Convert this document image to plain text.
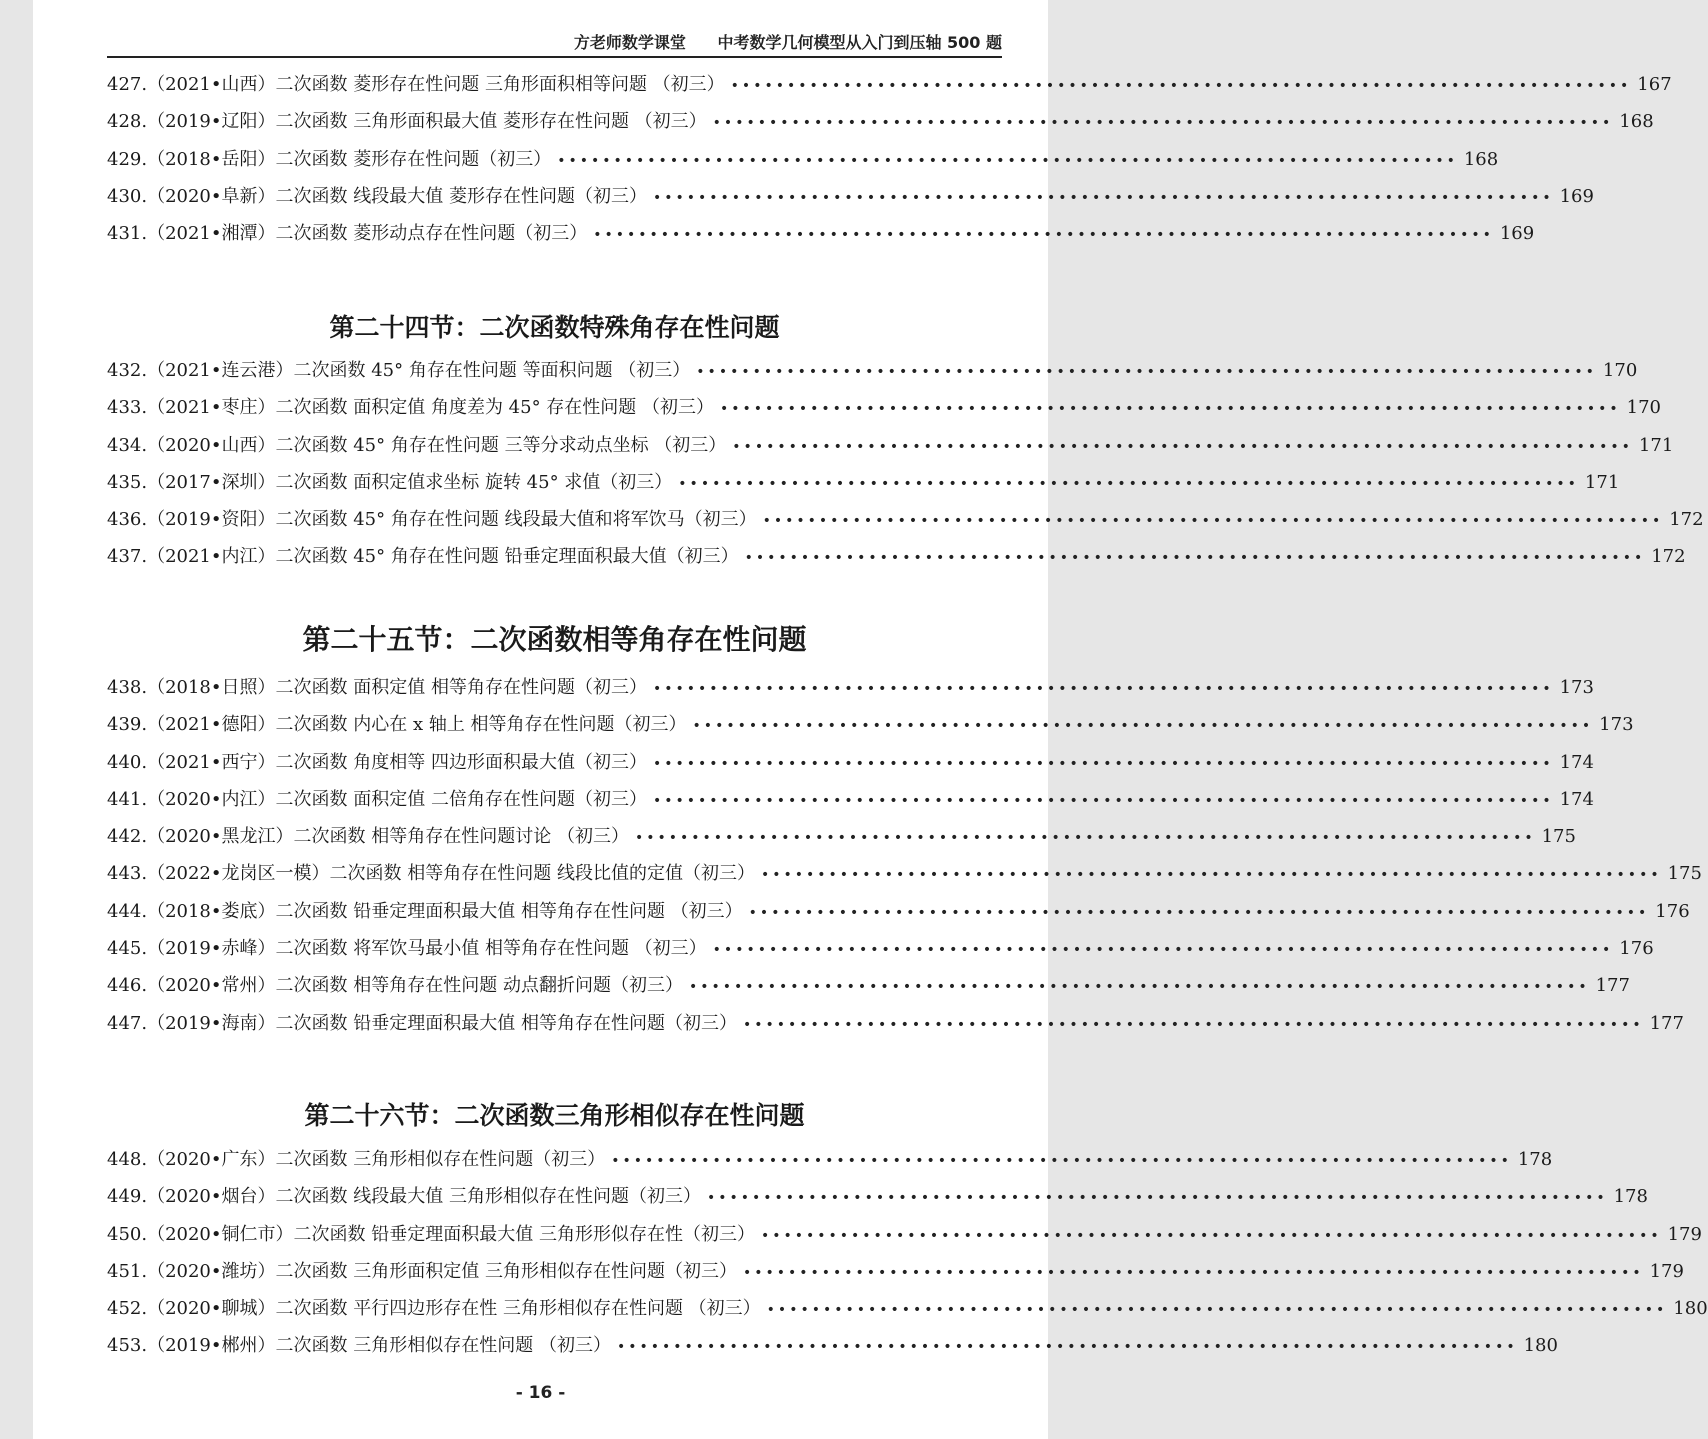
方老师数学课堂 中考数学几何模型从入门到压轴 500 题
427.（2021•山西）二次函数 菱形存在性问题 三角形面积相等问题 （初三） •••••••••••••••••••••••••••••••••••••••••••••••••••••••••••••••••••••••••••••••• 167
428.（2019•辽阳）二次函数 三角形面积最大值 菱形存在性问题 （初三） •••••••••••••••••••••••••••••••••••••••••••••••••••••••••••••••••••••••••••••••• 168
429.（2018•岳阳）二次函数 菱形存在性问题（初三） •••••••••••••••••••••••••••••••••••••••••••••••••••••••••••••••••••••••••••••••• 168
430.（2020•阜新）二次函数 线段最大值 菱形存在性问题（初三） •••••••••••••••••••••••••••••••••••••••••••••••••••••••••••••••••••••••••••••••• 169
431.（2021•湘潭）二次函数 菱形动点存在性问题（初三） •••••••••••••••••••••••••••••••••••••••••••••••••••••••••••••••••••••••••••••••• 169
第二十四节：二次函数特殊角存在性问题
432.（2021•连云港）二次函数 45° 角存在性问题 等面积问题 （初三） •••••••••••••••••••••••••••••••••••••••••••••••••••••••••••••••••••••••••••••••• 170
433.（2021•枣庄）二次函数 面积定值 角度差为 45° 存在性问题 （初三） •••••••••••••••••••••••••••••••••••••••••••••••••••••••••••••••••••••••••••••••• 170
434.（2020•山西）二次函数 45° 角存在性问题 三等分求动点坐标 （初三） •••••••••••••••••••••••••••••••••••••••••••••••••••••••••••••••••••••••••••••••• 171
435.（2017•深圳）二次函数 面积定值求坐标 旋转 45° 求值（初三） •••••••••••••••••••••••••••••••••••••••••••••••••••••••••••••••••••••••••••••••• 171
436.（2019•资阳）二次函数 45° 角存在性问题 线段最大值和将军饮马（初三） •••••••••••••••••••••••••••••••••••••••••••••••••••••••••••••••••••••••••••••••• 172
437.（2021•内江）二次函数 45° 角存在性问题 铅垂定理面积最大值（初三） •••••••••••••••••••••••••••••••••••••••••••••••••••••••••••••••••••••••••••••••• 172
第二十五节：二次函数相等角存在性问题
438.（2018•日照）二次函数 面积定值 相等角存在性问题（初三） •••••••••••••••••••••••••••••••••••••••••••••••••••••••••••••••••••••••••••••••• 173
439.（2021•德阳）二次函数 内心在 x 轴上 相等角存在性问题（初三） •••••••••••••••••••••••••••••••••••••••••••••••••••••••••••••••••••••••••••••••• 173
440.（2021•西宁）二次函数 角度相等 四边形面积最大值（初三） •••••••••••••••••••••••••••••••••••••••••••••••••••••••••••••••••••••••••••••••• 174
441.（2020•内江）二次函数 面积定值 二倍角存在性问题（初三） •••••••••••••••••••••••••••••••••••••••••••••••••••••••••••••••••••••••••••••••• 174
442.（2020•黑龙江）二次函数 相等角存在性问题讨论 （初三） •••••••••••••••••••••••••••••••••••••••••••••••••••••••••••••••••••••••••••••••• 175
443.（2022•龙岗区一模）二次函数 相等角存在性问题 线段比值的定值（初三） •••••••••••••••••••••••••••••••••••••••••••••••••••••••••••••••••••••••••••••••• 175
444.（2018•娄底）二次函数 铅垂定理面积最大值 相等角存在性问题 （初三） •••••••••••••••••••••••••••••••••••••••••••••••••••••••••••••••••••••••••••••••• 176
445.（2019•赤峰）二次函数 将军饮马最小值 相等角存在性问题 （初三） •••••••••••••••••••••••••••••••••••••••••••••••••••••••••••••••••••••••••••••••• 176
446.（2020•常州）二次函数 相等角存在性问题 动点翻折问题（初三） •••••••••••••••••••••••••••••••••••••••••••••••••••••••••••••••••••••••••••••••• 177
447.（2019•海南）二次函数 铅垂定理面积最大值 相等角存在性问题（初三） •••••••••••••••••••••••••••••••••••••••••••••••••••••••••••••••••••••••••••••••• 177
第二十六节：二次函数三角形相似存在性问题
448.（2020•广东）二次函数 三角形相似存在性问题（初三） •••••••••••••••••••••••••••••••••••••••••••••••••••••••••••••••••••••••••••••••• 178
449.（2020•烟台）二次函数 线段最大值 三角形相似存在性问题（初三） •••••••••••••••••••••••••••••••••••••••••••••••••••••••••••••••••••••••••••••••• 178
450.（2020•铜仁市）二次函数 铅垂定理面积最大值 三角形形似存在性（初三） •••••••••••••••••••••••••••••••••••••••••••••••••••••••••••••••••••••••••••••••• 179
451.（2020•潍坊）二次函数 三角形面积定值 三角形相似存在性问题（初三） •••••••••••••••••••••••••••••••••••••••••••••••••••••••••••••••••••••••••••••••• 179
452.（2020•聊城）二次函数 平行四边形存在性 三角形相似存在性问题 （初三） •••••••••••••••••••••••••••••••••••••••••••••••••••••••••••••••••••••••••••••••• 180
453.（2019•郴州）二次函数 三角形相似存在性问题 （初三） •••••••••••••••••••••••••••••••••••••••••••••••••••••••••••••••••••••••••••••••• 180
- 16 -
